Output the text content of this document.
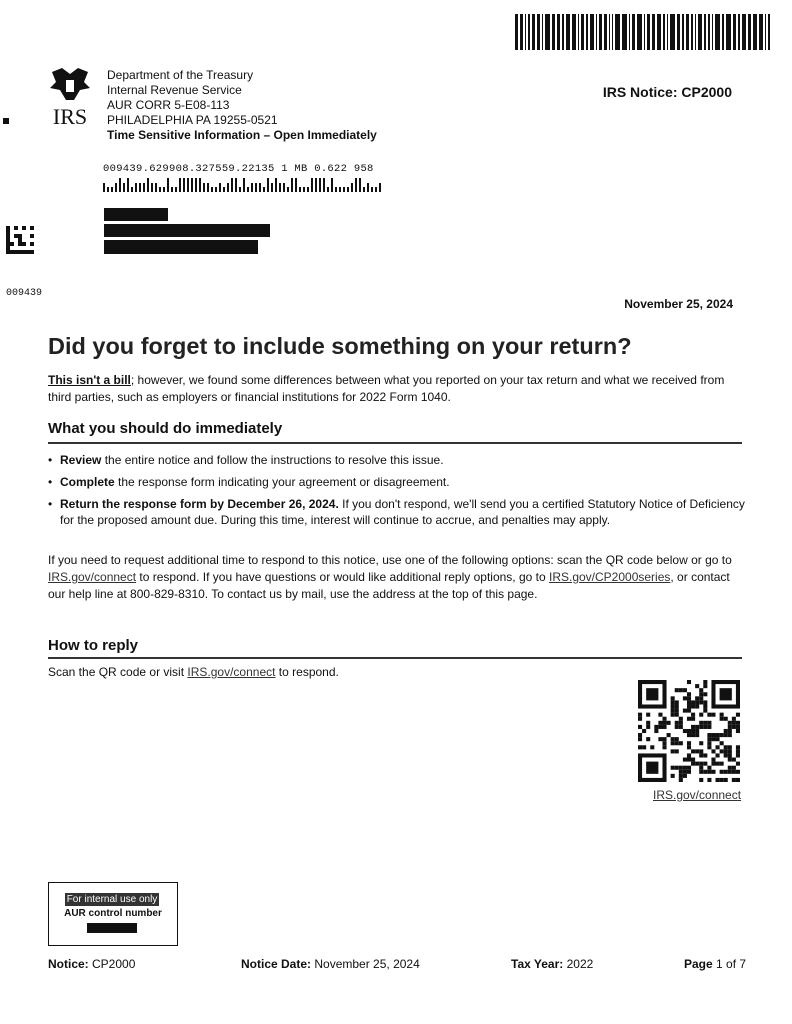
IRS
Department of the Treasury
Internal Revenue Service
AUR CORR 5-E08-113
PHILADELPHIA PA 19255-0521
Time Sensitive Information – Open Immediately
IRS Notice: CP2000
009439.629908.327559.22135 1 MB 0.622 958
009439
November 25, 2024
Did you forget to include something on your return?
This isn't a bill; however, we found some differences between what you reported on your tax return and what we received from third parties, such as employers or financial institutions for 2022 Form 1040.
What you should do immediately
• Review the entire notice and follow the instructions to resolve this issue.
• Complete the response form indicating your agreement or disagreement.
• Return the response form by December 26, 2024. If you don't respond, we'll send you a certified Statutory Notice of Deficiency for the proposed amount due. During this time, interest will continue to accrue, and penalties may apply.
If you need to request additional time to respond to this notice, use one of the following options: scan the QR code below or go to IRS.gov/connect to respond. If you have questions or would like additional reply options, go to IRS.gov/CP2000series, or contact our help line at 800-829-8310. To contact us by mail, use the address at the top of this page.
How to reply
Scan the QR code or visit IRS.gov/connect to respond.
IRS.gov/connect
For internal use only
AUR control number
Notice: CP2000	Notice Date: November 25, 2024	Tax Year: 2022	Page 1 of 7
